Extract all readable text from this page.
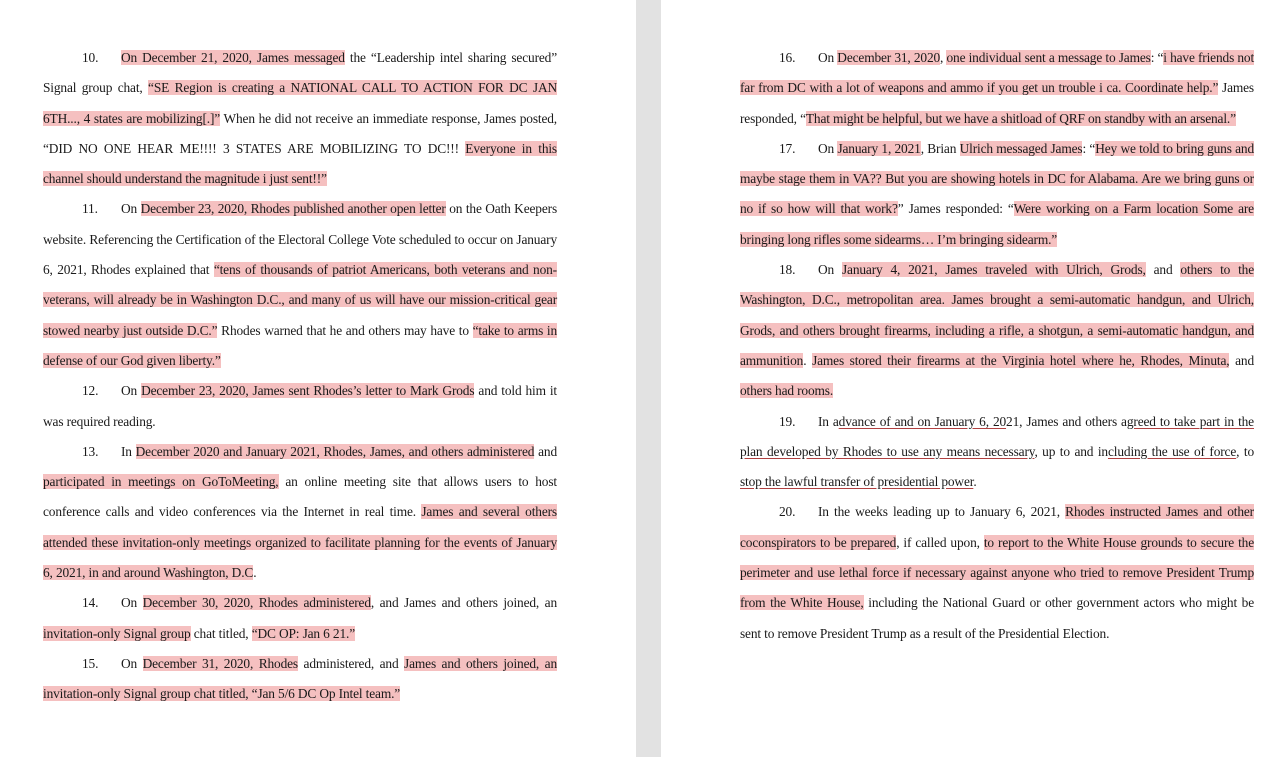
10. On December 21, 2020, James messaged the “Leadership intel sharing secured” Signal group chat, “SE Region is creating a NATIONAL CALL TO ACTION FOR DC JAN 6TH..., 4 states are mobilizing[.]” When he did not receive an immediate response, James posted, “DID NO ONE HEAR ME!!!! 3 STATES ARE MOBILIZING TO DC!!! Everyone in this channel should understand the magnitude i just sent!!”

11. On December 23, 2020, Rhodes published another open letter on the Oath Keepers website. Referencing the Certification of the Electoral College Vote scheduled to occur on January 6, 2021, Rhodes explained that “tens of thousands of patriot Americans, both veterans and non-veterans, will already be in Washington D.C., and many of us will have our mission-critical gear stowed nearby just outside D.C.” Rhodes warned that he and others may have to “take to arms in defense of our God given liberty.”

12. On December 23, 2020, James sent Rhodes’s letter to Mark Grods and told him it was required reading.

13. In December 2020 and January 2021, Rhodes, James, and others administered and participated in meetings on GoToMeeting, an online meeting site that allows users to host conference calls and video conferences via the Internet in real time. James and several others attended these invitation-only meetings organized to facilitate planning for the events of January 6, 2021, in and around Washington, D.C.

14. On December 30, 2020, Rhodes administered, and James and others joined, an invitation-only Signal group chat titled, “DC OP: Jan 6 21.”

15. On December 31, 2020, Rhodes administered, and James and others joined, an invitation-only Signal group chat titled, “Jan 5/6 DC Op Intel team.”

16. On December 31, 2020, one individual sent a message to James: “i have friends not far from DC with a lot of weapons and ammo if you get un trouble i ca. Coordinate help.” James responded, “That might be helpful, but we have a shitload of QRF on standby with an arsenal.”

17. On January 1, 2021, Brian Ulrich messaged James: “Hey we told to bring guns and maybe stage them in VA?? But you are showing hotels in DC for Alabama. Are we bring guns or no if so how will that work?” James responded: “Were working on a Farm location Some are bringing long rifles some sidearms… I’m bringing sidearm.”

18. On January 4, 2021, James traveled with Ulrich, Grods, and others to the Washington, D.C., metropolitan area. James brought a semi-automatic handgun, and Ulrich, Grods, and others brought firearms, including a rifle, a shotgun, a semi-automatic handgun, and ammunition. James stored their firearms at the Virginia hotel where he, Rhodes, Minuta, and others had rooms.

19. In advance of and on January 6, 2021, James and others agreed to take part in the plan developed by Rhodes to use any means necessary, up to and including the use of force, to stop the lawful transfer of presidential power.

20. In the weeks leading up to January 6, 2021, Rhodes instructed James and other coconspirators to be prepared, if called upon, to report to the White House grounds to secure the perimeter and use lethal force if necessary against anyone who tried to remove President Trump from the White House, including the National Guard or other government actors who might be sent to remove President Trump as a result of the Presidential Election.
